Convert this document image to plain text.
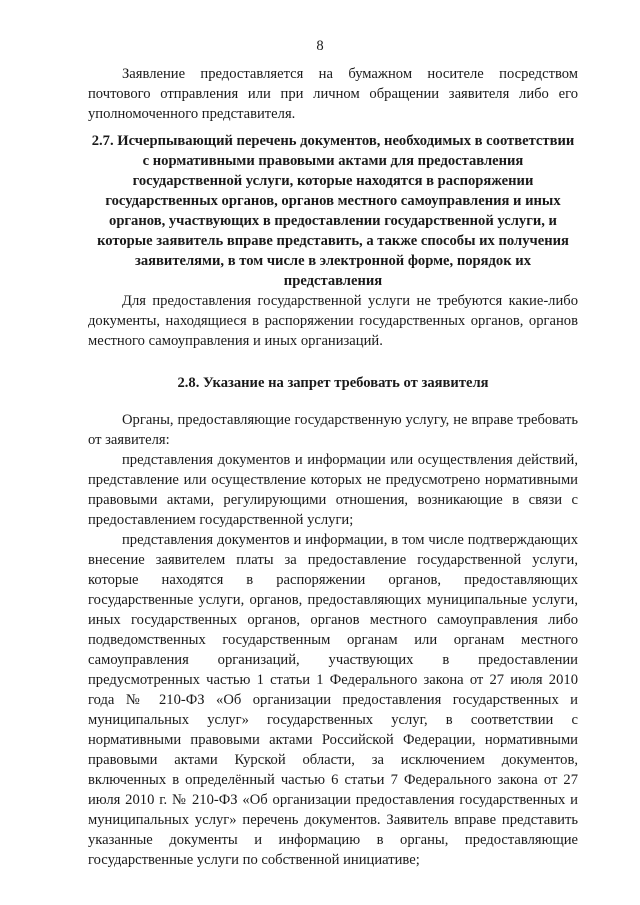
8

Заявление предоставляется на бумажном носителе посредством почтового отправления или при личном обращении заявителя либо его уполномоченного представителя.

2.7. Исчерпывающий перечень документов, необходимых в соответствии с нормативными правовыми актами для предоставления государственной услуги, которые находятся в распоряжении государственных органов, органов местного самоуправления и иных органов, участвующих в предоставлении государственной услуги, и которые заявитель вправе представить, а также способы их получения заявителями, в том числе в электронной форме, порядок их представления

Для предоставления государственной услуги не требуются какие-либо документы, находящиеся в распоряжении государственных органов, органов местного самоуправления и иных организаций.

2.8. Указание на запрет требовать от заявителя

Органы, предоставляющие государственную услугу, не вправе требовать от заявителя:

представления документов и информации или осуществления действий, представление или осуществление которых не предусмотрено нормативными правовыми актами, регулирующими отношения, возникающие в связи с предоставлением государственной услуги;

представления документов и информации, в том числе подтверждающих внесение заявителем платы за предоставление государственной услуги, которые находятся в распоряжении органов, предоставляющих государственные услуги, органов, предоставляющих муниципальные услуги, иных государственных органов, органов местного самоуправления либо подведомственных государственным органам или органам местного самоуправления организаций, участвующих в предоставлении предусмотренных частью 1 статьи 1 Федерального закона от 27 июля 2010 года № 210-ФЗ «Об организации предоставления государственных и муниципальных услуг» государственных услуг, в соответствии с нормативными правовыми актами Российской Федерации, нормативными правовыми актами Курской области, за исключением документов, включенных в определённый частью 6 статьи 7 Федерального закона от 27 июля 2010 г. № 210-ФЗ «Об организации предоставления государственных и муниципальных услуг» перечень документов. Заявитель вправе представить указанные документы и информацию в органы, предоставляющие государственные услуги по собственной инициативе;
